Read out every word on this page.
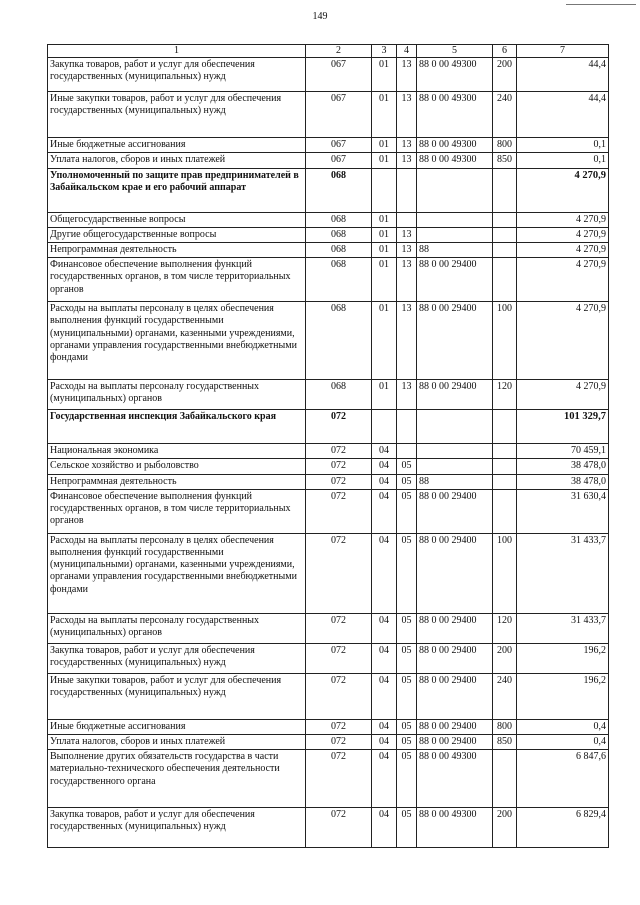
149
1	2	3	4	5	6	7
Закупка товаров, работ и услуг для обеспечения государственных (муниципальных) нужд	067	01	13	88 0 00 49300	200	44,4
Иные закупки товаров, работ и услуг для обеспечения государственных (муниципальных) нужд	067	01	13	88 0 00 49300	240	44,4
Иные бюджетные ассигнования	067	01	13	88 0 00 49300	800	0,1
Уплата налогов, сборов и иных платежей	067	01	13	88 0 00 49300	850	0,1
Уполномоченный по защите прав предпринимателей в Забайкальском крае и его рабочий аппарат	068					4 270,9
Общегосударственные вопросы	068	01				4 270,9
Другие общегосударственные вопросы	068	01	13			4 270,9
Непрограммная деятельность	068	01	13	88		4 270,9
Финансовое обеспечение выполнения функций государственных органов, в том числе территориальных органов	068	01	13	88 0 00 29400		4 270,9
Расходы на выплаты персоналу в целях обеспечения выполнения функций государственными (муниципальными) органами, казенными учреждениями, органами управления государственными внебюджетными фондами	068	01	13	88 0 00 29400	100	4 270,9
Расходы на выплаты персоналу государственных (муниципальных) органов	068	01	13	88 0 00 29400	120	4 270,9
Государственная инспекция Забайкальского края	072					101 329,7
Национальная экономика	072	04				70 459,1
Сельское хозяйство и рыболовство	072	04	05			38 478,0
Непрограммная деятельность	072	04	05	88		38 478,0
Финансовое обеспечение выполнения функций государственных органов, в том числе территориальных органов	072	04	05	88 0 00 29400		31 630,4
Расходы на выплаты персоналу в целях обеспечения выполнения функций государственными (муниципальными) органами, казенными учреждениями, органами управления государственными внебюджетными фондами	072	04	05	88 0 00 29400	100	31 433,7
Расходы на выплаты персоналу государственных (муниципальных) органов	072	04	05	88 0 00 29400	120	31 433,7
Закупка товаров, работ и услуг для обеспечения государственных (муниципальных) нужд	072	04	05	88 0 00 29400	200	196,2
Иные закупки товаров, работ и услуг для обеспечения государственных (муниципальных) нужд	072	04	05	88 0 00 29400	240	196,2
Иные бюджетные ассигнования	072	04	05	88 0 00 29400	800	0,4
Уплата налогов, сборов и иных платежей	072	04	05	88 0 00 29400	850	0,4
Выполнение других обязательств государства в части материально-технического обеспечения деятельности государственного органа	072	04	05	88 0 00 49300		6 847,6
Закупка товаров, работ и услуг для обеспечения государственных (муниципальных) нужд	072	04	05	88 0 00 49300	200	6 829,4
